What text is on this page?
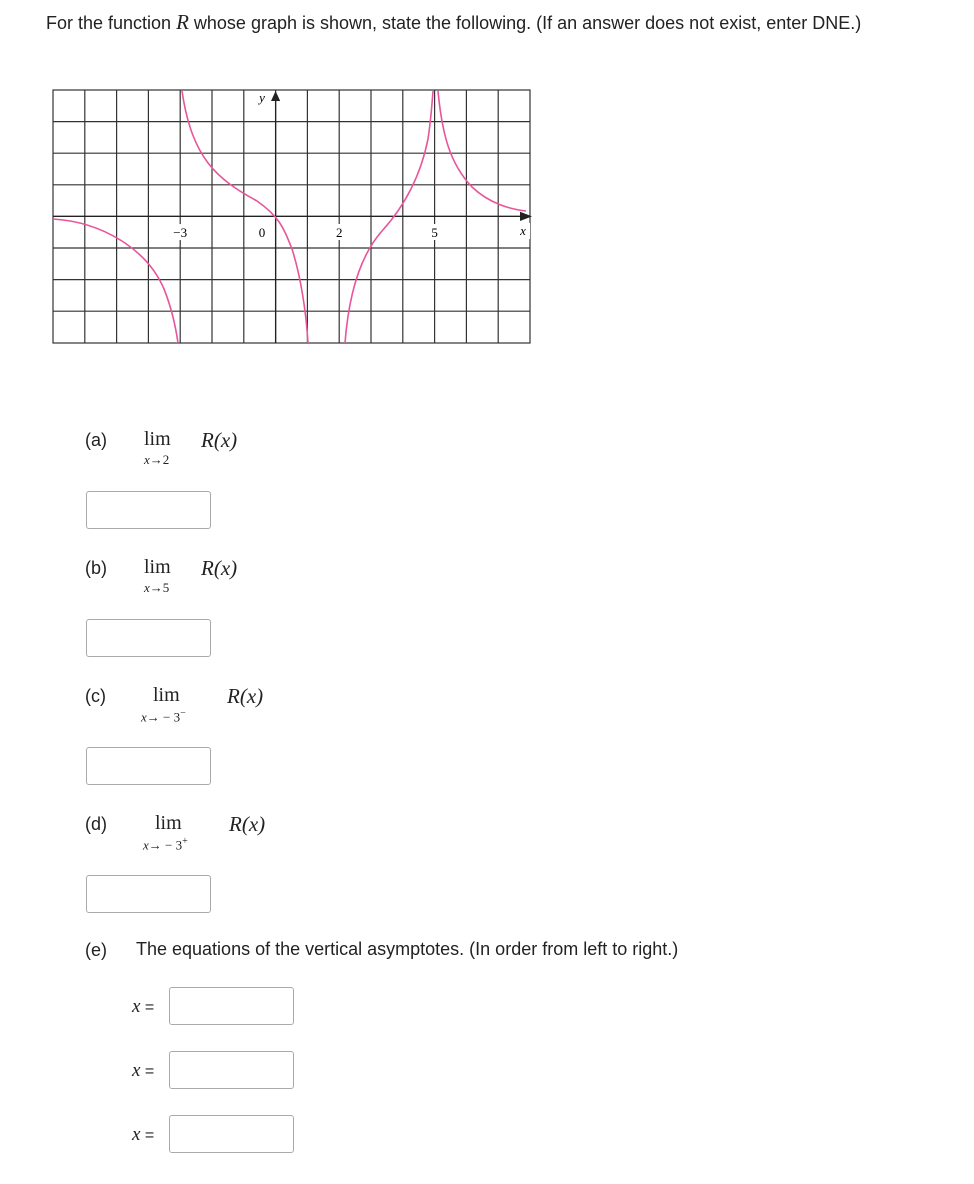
For the function R whose graph is shown, state the following. (If an answer does not exist, enter DNE.)
x
y
−3	0	2	5
(a) lim
x→2
R(x)
(b) lim
x→5
R(x)
(c) lim
x→ − 3−
R(x)
(d) lim
x→ − 3+
R(x)
(e) The equations of the vertical asymptotes. (In order from left to right.)
x =
x =
x =
